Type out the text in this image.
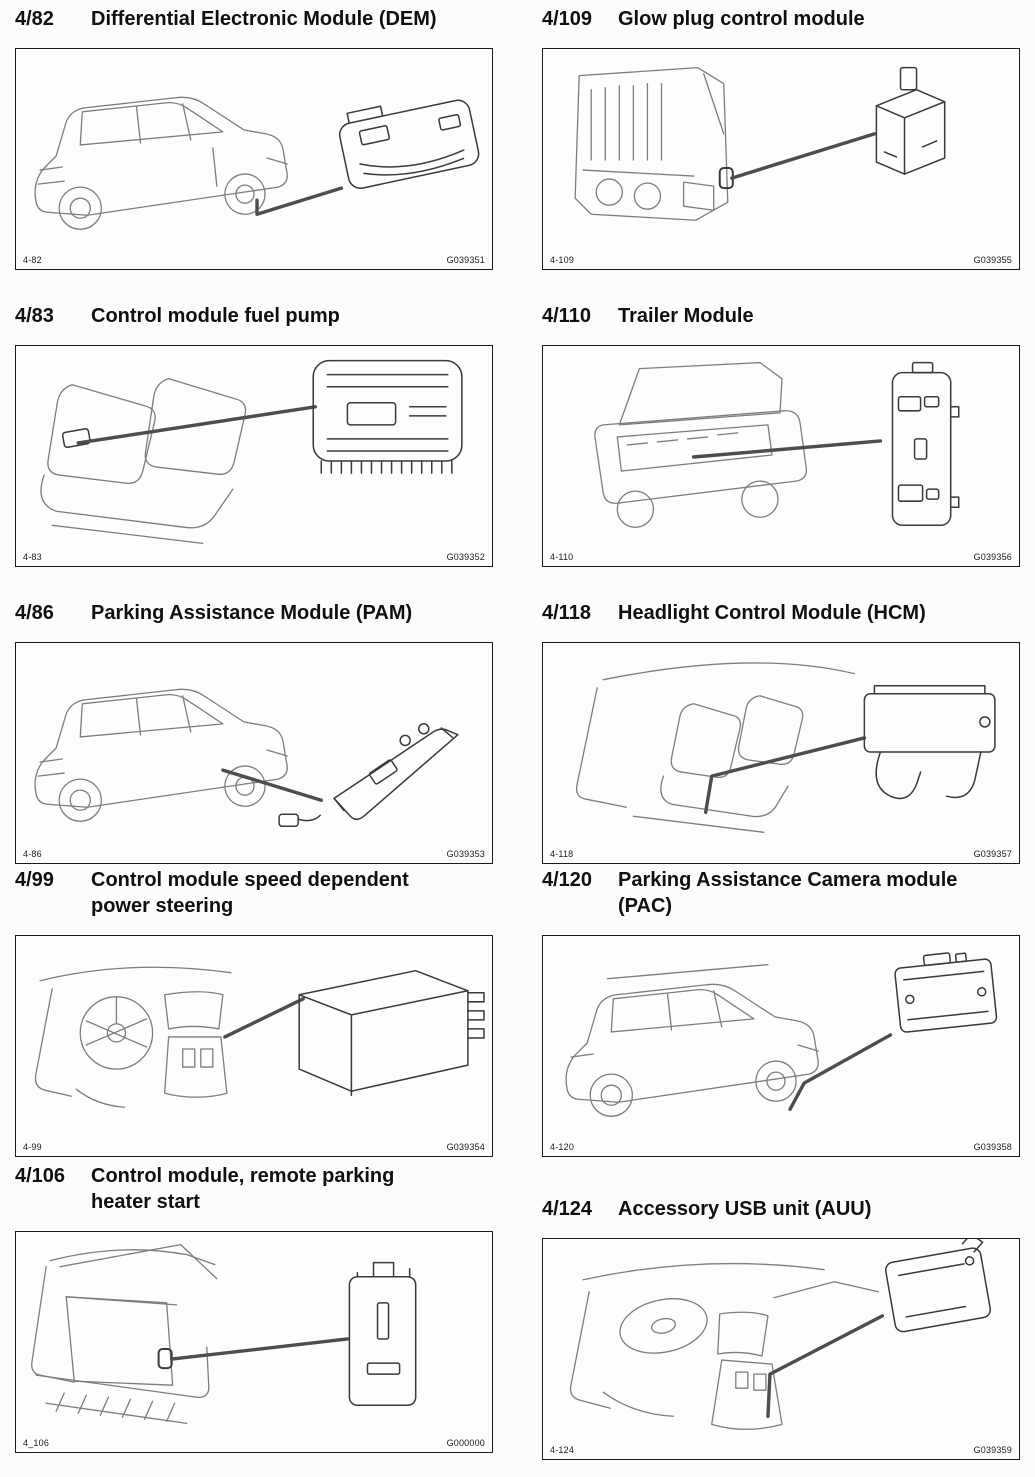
4/82	Differential Electronic Module (DEM)
4-82	G039351
4/83	Control module fuel pump
4-83	G039352
4/86	Parking Assistance Module (PAM)
4-86	G039353
4/99	Control module speed dependent power steering
4-99	G039354
4/106	Control module, remote parking heater start
4_106	G000000
4/109	Glow plug control module
4-109	G039355
4/110	Trailer Module
4-110	G039356
4/118	Headlight Control Module (HCM)
4-118	G039357
4/120	Parking Assistance Camera module (PAC)
4-120	G039358
4/124	Accessory USB unit (AUU)
4-124	G039359
